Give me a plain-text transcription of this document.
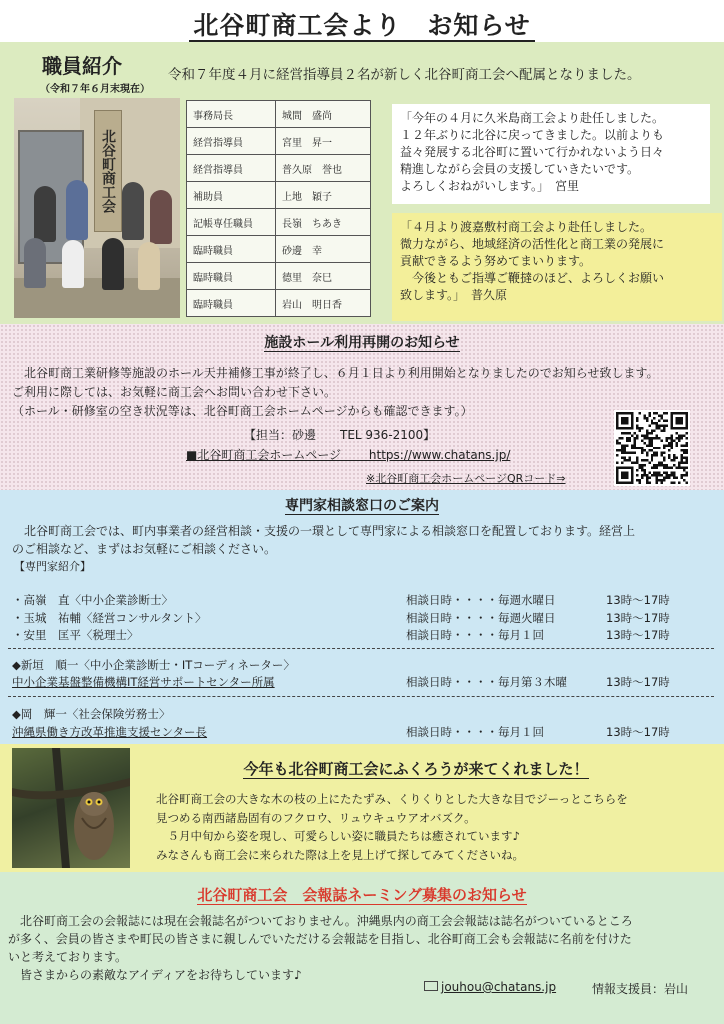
北谷町商工会より　お知らせ
職員紹介
（令和７年６月末現在）
令和７年度４月に経営指導員２名が新しく北谷町商工会へ配属となりました。
北谷町商工会
事務局長	城間　盛尚
経営指導員	宮里　昇一
経営指導員	普久原　誉也
補助員	上地　穎子
記帳専任職員	長嶺　ちあき
臨時職員	砂邊　幸
臨時職員	德里　奈巳
臨時職員	岩山　明日香
「今年の４月に久米島商工会より赴任しました。
１２年ぶりに北谷に戻ってきました。以前よりも
益々発展する北谷町に置いて行かれないよう日々
精進しながら会員の支援していきたいです。
よろしくおねがいします。」　宮里
「４月より渡嘉敷村商工会より赴任しました。
微力ながら、地域経済の活性化と商工業の発展に
貢献できるよう努めてまいります。
　今後ともご指導ご鞭撻のほど、よろしくお願い
致します。」　普久原
施設ホール利用再開のお知らせ
　北谷町商工業研修等施設のホール天井補修工事が終了し、６月１日より利用開始となりましたのでお知らせ致します。
ご利用に際しては、お気軽に商工会へお問い合わせ下さい。
（ホール・研修室の空き状況等は、北谷町商工会ホームページからも確認できます。）
【担当：砂邊　　TEL 936-2100】
■北谷町商工会ホームページ　　 https://www.chatans.jp/
※北谷町商工会ホームページQRコード⇒
専門家相談窓口のご案内
　北谷町商工会では、町内事業者の経営相談・支援の一環として専門家による相談窓口を配置しております。経営上
のご相談など、まずはお気軽にご相談ください。
【専門家紹介】
・高嶺　直〈中小企業診断士〉	相談日時・・・・毎週水曜日	13時～17時
・玉城　祐輔〈経営コンサルタント〉	相談日時・・・・毎週火曜日	13時～17時
・安里　匡平〈税理士〉	相談日時・・・・毎月１回	13時～17時
◆新垣　順一〈中小企業診断士・ITコーディネーター〉
中小企業基盤整備機構IT経営サポートセンター所属	相談日時・・・・毎月第３木曜	13時～17時
◆岡　輝一〈社会保険労務士〉
沖縄県働き方改革推進支援センター長	相談日時・・・・毎月１回	13時～17時
今年も北谷町商工会にふくろうが来てくれました！
北谷町商工会の大きな木の枝の上にたたずみ、くりくりとした大きな目でジーっとこちらを
見つめる南西諸島固有のフクロウ、リュウキュウアオバズク。
　５月中旬から姿を現し、可愛らしい姿に職員たちは癒されています♪
みなさんも商工会に来られた際は上を見上げて探してみてくださいね。
北谷町商工会　会報誌ネーミング募集のお知らせ
　北谷町商工会の会報誌には現在会報誌名がついておりません。沖縄県内の商工会会報誌は誌名がついているところ
が多く、会員の皆さまや町民の皆さまに親しんでいただける会報誌を目指し、北谷町商工会も会報誌に名前を付けた
いと考えております。
　皆さまからの素敵なアイディアをお待ちしています♪
jouhou@chatans.jp	情報支援員：岩山
